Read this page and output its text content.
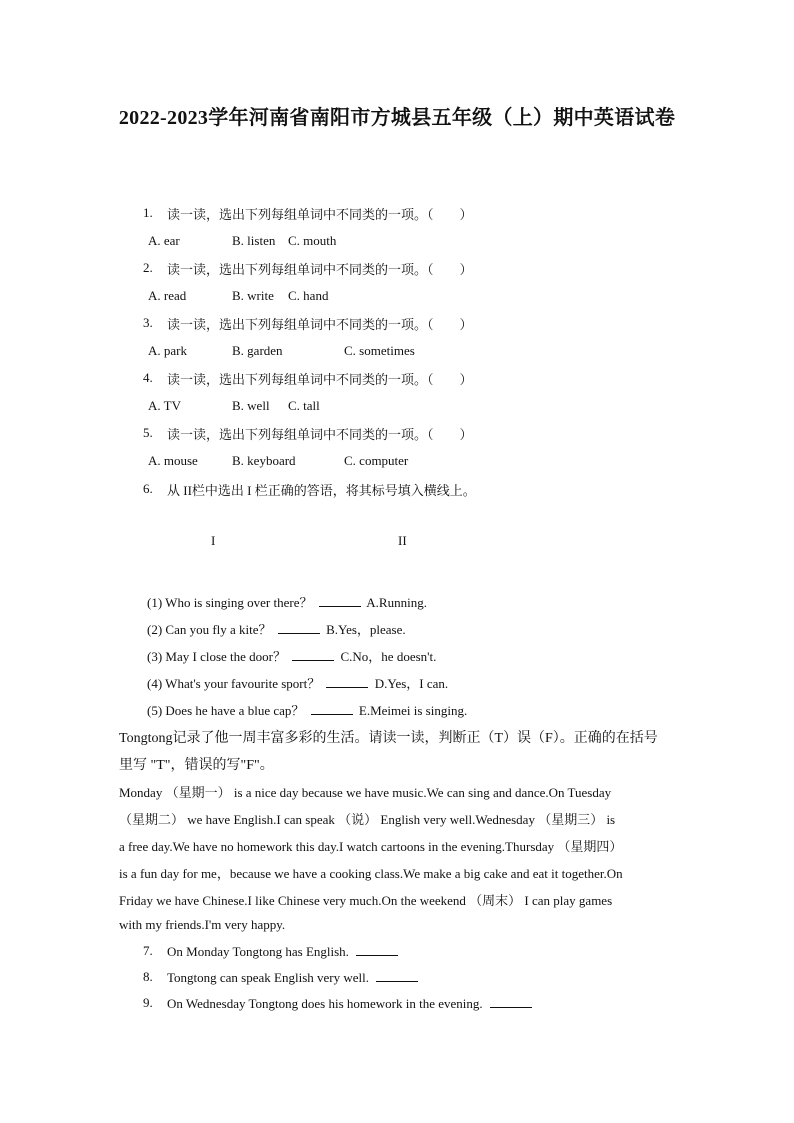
2022-2023学年河南省南阳市方城县五年级（上）期中英语试卷
1. 读一读，选出下列每组单词中不同类的一项。（　　）
A. ear	B. listen C. mouth
2. 读一读，选出下列每组单词中不同类的一项。（　　）
A. read	B. write C. hand
3. 读一读，选出下列每组单词中不同类的一项。（　　）
A. park	B. garden	C. sometimes
4. 读一读，选出下列每组单词中不同类的一项。（　　）
A. TV	B. well C. tall
5. 读一读，选出下列每组单词中不同类的一项。（　　）
A. mouse	B. keyboard	C. computer
6. 从 II栏中选出 I 栏正确的答语，将其标号填入横线上。
I	II
(1) Who is singing over there？	A.Running.
(2) Can you fly a kite？	B.Yes，please.
(3) May I close the door？	C.No，he doesn't.
(4) What's your favourite sport？	D.Yes，I can.
(5) Does he have a blue cap？	E.Meimei is singing.
Tongtong记录了他一周丰富多彩的生活。请读一读，判断正（T）误（F）。正确的在括号
里写 "T"，错误的写"F"。
Monday （星期一） is a nice day because we have music.We can sing and dance.On Tuesday
（星期二） we have English.I can speak （说） English very well.Wednesday （星期三） is
a free day.We have no homework this day.I watch cartoons in the evening.Thursday （星期四）
is a fun day for me，because we have a cooking class.We make a big cake and eat it together.On
Friday we have Chinese.I like Chinese very much.On the weekend （周末） I can play games
with my friends.I'm very happy.
7. On Monday Tongtong has English.
8. Tongtong can speak English very well.
9. On Wednesday Tongtong does his homework in the evening.
